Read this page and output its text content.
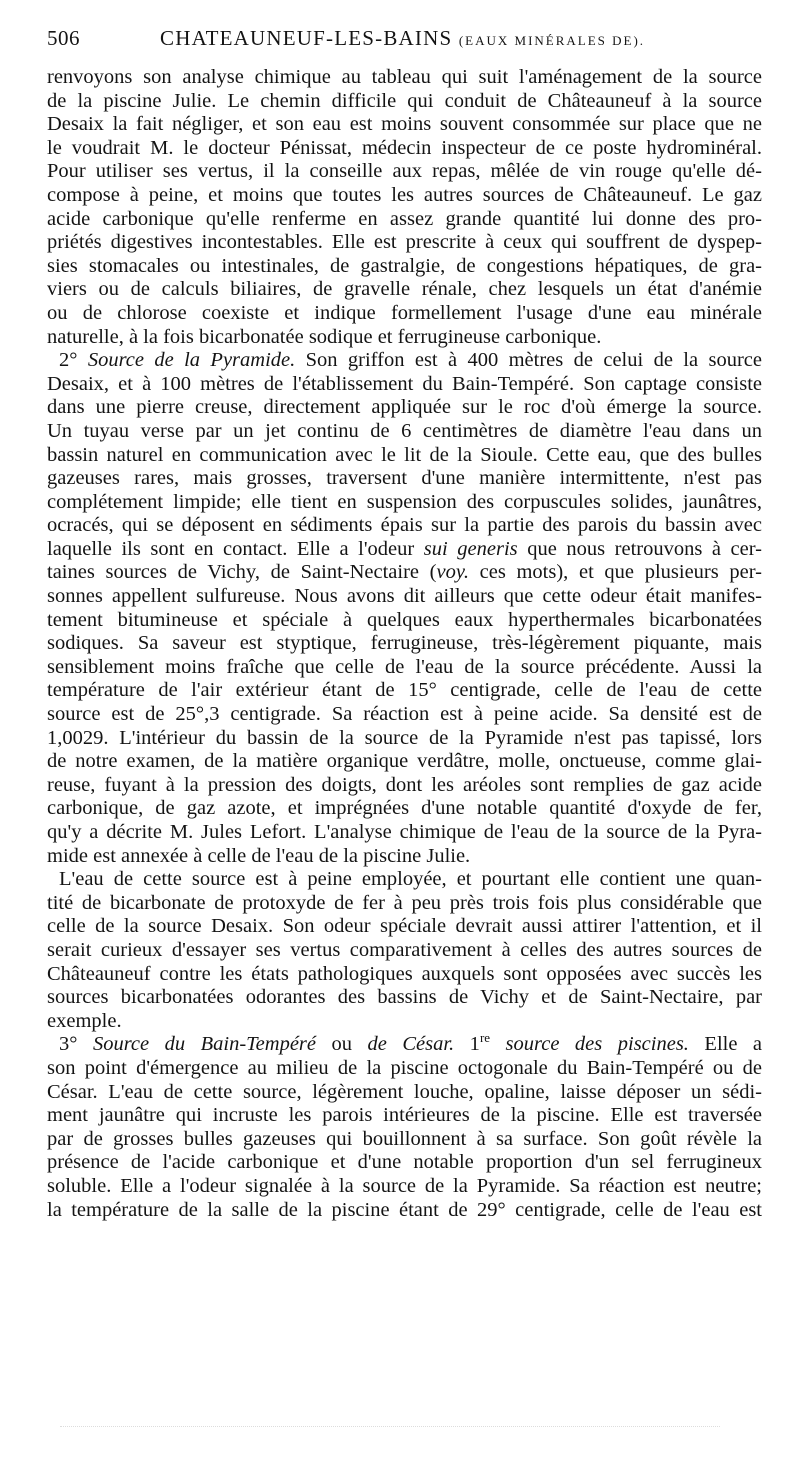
506	CHATEAUNEUF-LES-BAINS (EAUX MINÉRALES DE).
renvoyons son analyse chimique au tableau qui suit l'aménagement de la source
de la piscine Julie. Le chemin difficile qui conduit de Châteauneuf à la source
Desaix la fait négliger, et son eau est moins souvent consommée sur place que ne
le voudrait M. le docteur Pénissat, médecin inspecteur de ce poste hydrominéral.
Pour utiliser ses vertus, il la conseille aux repas, mêlée de vin rouge qu'elle dé-
compose à peine, et moins que toutes les autres sources de Châteauneuf. Le gaz
acide carbonique qu'elle renferme en assez grande quantité lui donne des pro-
priétés digestives incontestables. Elle est prescrite à ceux qui souffrent de dyspep-
sies stomacales ou intestinales, de gastralgie, de congestions hépatiques, de gra-
viers ou de calculs biliaires, de gravelle rénale, chez lesquels un état d'anémie
ou de chlorose coexiste et indique formellement l'usage d'une eau minérale
naturelle, à la fois bicarbonatée sodique et ferrugineuse carbonique.
2° Source de la Pyramide. Son griffon est à 400 mètres de celui de la source
Desaix, et à 100 mètres de l'établissement du Bain-Tempéré. Son captage consiste
dans une pierre creuse, directement appliquée sur le roc d'où émerge la source.
Un tuyau verse par un jet continu de 6 centimètres de diamètre l'eau dans un
bassin naturel en communication avec le lit de la Sioule. Cette eau, que des bulles
gazeuses rares, mais grosses, traversent d'une manière intermittente, n'est pas
complétement limpide; elle tient en suspension des corpuscules solides, jaunâtres,
ocracés, qui se déposent en sédiments épais sur la partie des parois du bassin avec
laquelle ils sont en contact. Elle a l'odeur sui generis que nous retrouvons à cer-
taines sources de Vichy, de Saint-Nectaire (voy. ces mots), et que plusieurs per-
sonnes appellent sulfureuse. Nous avons dit ailleurs que cette odeur était manifes-
tement bitumineuse et spéciale à quelques eaux hyperthermales bicarbonatées
sodiques. Sa saveur est styptique, ferrugineuse, très-légèrement piquante, mais
sensiblement moins fraîche que celle de l'eau de la source précédente. Aussi la
température de l'air extérieur étant de 15° centigrade, celle de l'eau de cette
source est de 25°,3 centigrade. Sa réaction est à peine acide. Sa densité est de
1,0029. L'intérieur du bassin de la source de la Pyramide n'est pas tapissé, lors
de notre examen, de la matière organique verdâtre, molle, onctueuse, comme glai-
reuse, fuyant à la pression des doigts, dont les aréoles sont remplies de gaz acide
carbonique, de gaz azote, et imprégnées d'une notable quantité d'oxyde de fer,
qu'y a décrite M. Jules Lefort. L'analyse chimique de l'eau de la source de la Pyra-
mide est annexée à celle de l'eau de la piscine Julie.
L'eau de cette source est à peine employée, et pourtant elle contient une quan-
tité de bicarbonate de protoxyde de fer à peu près trois fois plus considérable que
celle de la source Desaix. Son odeur spéciale devrait aussi attirer l'attention, et il
serait curieux d'essayer ses vertus comparativement à celles des autres sources de
Châteauneuf contre les états pathologiques auxquels sont opposées avec succès les
sources bicarbonatées odorantes des bassins de Vichy et de Saint-Nectaire, par
exemple.
3° Source du Bain-Tempéré ou de César. 1re source des piscines. Elle a
son point d'émergence au milieu de la piscine octogonale du Bain-Tempéré ou de
César. L'eau de cette source, légèrement louche, opaline, laisse déposer un sédi-
ment jaunâtre qui incruste les parois intérieures de la piscine. Elle est traversée
par de grosses bulles gazeuses qui bouillonnent à sa surface. Son goût révèle la
présence de l'acide carbonique et d'une notable proportion d'un sel ferrugineux
soluble. Elle a l'odeur signalée à la source de la Pyramide. Sa réaction est neutre;
la température de la salle de la piscine étant de 29° centigrade, celle de l'eau est
